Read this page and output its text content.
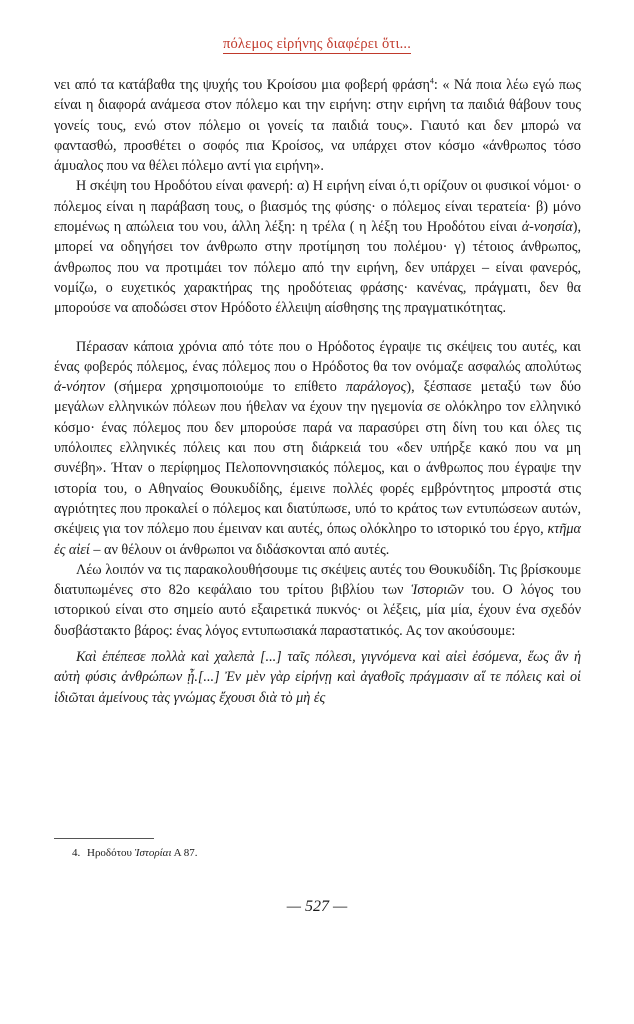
πόλεμος εἰρήνης διαφέρει ὅτι...

νει από τα κατάβαθα της ψυχής του Κροίσου μια φοβερή φράση$^4$: « Νά ποια λέω εγώ πως είναι η διαφορά ανάμεσα στον πόλεμο και την ειρήνη: στην ειρήνη τα παιδιά θάβουν τους γονείς τους, ενώ στον πόλεμο οι γονείς τα παιδιά τους». Γιαυτό και δεν μπορώ να φαντασθώ, προσθέτει ο σοφός πια Κροίσος, να υπάρχει στον κόσμο «άνθρωπος τόσο άμυαλος που να θέλει πόλεμο αντί για ειρήνη».

Η σκέψη του Ηροδότου είναι φανερή: α) Η ειρήνη είναι ό,τι ορίζουν οι φυσικοί νόμοι· ο πόλεμος είναι η παράβαση τους, ο βιασμός της φύσης· ο πόλεμος είναι τερατεία· β) μόνο επομένως η απώλεια του νου, άλλη λέξη: η τρέλα ( η λέξη του Ηροδότου είναι ἀ-νοησία), μπορεί να οδηγήσει τον άνθρωπο στην προτίμηση του πολέμου· γ) τέτοιος άνθρωπος, άνθρωπος που να προτιμάει τον πόλεμο από την ειρήνη, δεν υπάρχει – είναι φανερός, νομίζω, ο ευχετικός χαρακτήρας της ηροδότειας φράσης· κανένας, πράγματι, δεν θα μπορούσε να αποδώσει στον Ηρόδοτο έλλειψη αίσθησης της πραγματικότητας.

Πέρασαν κάποια χρόνια από τότε που ο Ηρόδοτος έγραψε τις σκέψεις του αυτές, και ένας φοβερός πόλεμος, ένας πόλεμος που ο Ηρόδοτος θα τον ονόμαζε ασφαλώς απολύτως ἀ-νόητον (σήμερα χρησιμοποιούμε το επίθετο παράλογος), ξέσπασε μεταξύ των δύο μεγάλων ελληνικών πόλεων που ήθελαν να έχουν την ηγεμονία σε ολόκληρο τον ελληνικό κόσμο· ένας πόλεμος που δεν μπορούσε παρά να παρασύρει στη δίνη του και όλες τις υπόλοιπες ελληνικές πόλεις και που στη διάρκειά του «δεν υπήρξε κακό που να μη συνέβη». Ήταν ο περίφημος Πελοποννησιακός πόλεμος, και ο άνθρωπος που έγραψε την ιστορία του, ο Αθηναίος Θουκυδίδης, έμεινε πολλές φορές εμβρόντητος μπροστά στις αγριότητες που προκαλεί ο πόλεμος και διατύπωσε, υπό το κράτος των εντυπώσεων αυτών, σκέψεις για τον πόλεμο που έμειναν και αυτές, όπως ολόκληρο το ιστορικό του έργο, κτῆμα ἐς αἰεί – αν θέλουν οι άνθρωποι να διδάσκονται από αυτές.

Λέω λοιπόν να τις παρακολουθήσουμε τις σκέψεις αυτές του Θουκυδίδη. Τις βρίσκουμε διατυπωμένες στο 82ο κεφάλαιο του τρίτου βιβλίου των Ἱστοριῶν του. Ο λόγος του ιστορικού είναι στο σημείο αυτό εξαιρετικά πυκνός· οι λέξεις, μία μία, έχουν ένα σχεδόν δυσβάστακτο βάρος: ένας λόγος εντυπωσιακά παραστατικός. Ας τον ακούσουμε:

Καὶ ἐπέπεσε πολλὰ καὶ χαλεπὰ [...] ταῖς πόλεσι, γιγνόμενα καὶ αἰεὶ ἐσόμενα, ἕως ἂν ἡ αὐτὴ φύσις ἀνθρώπων ᾖ.[...] Ἐν μὲν γὰρ εἰρήνῃ καὶ ἀγαθοῖς πράγμασιν αἵ τε πόλεις καὶ οἱ ἰδιῶται ἀμείνους τὰς γνώμας ἔχουσι διὰ τὸ μὴ ἐς

4. Ηροδότου Ἱστορίαι Α 87.
— 527 —
